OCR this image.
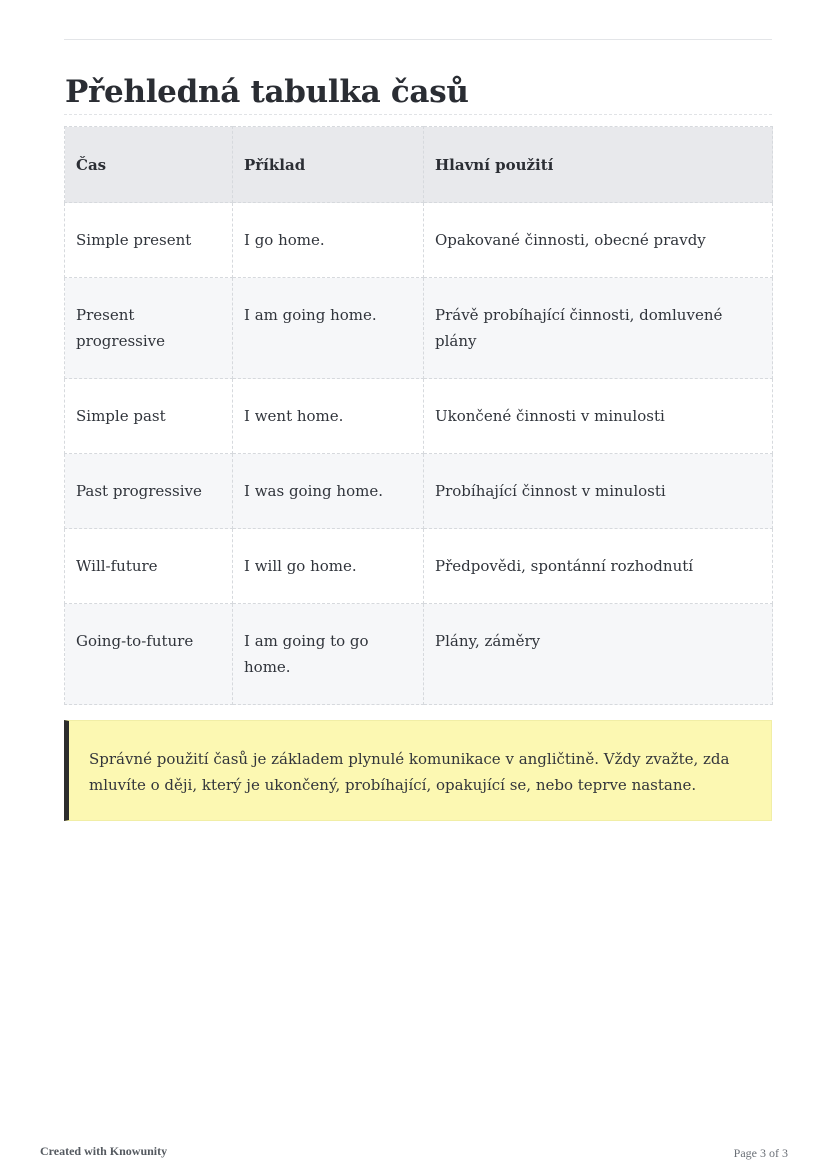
Přehledná tabulka časů
Čas	Příklad	Hlavní použití
Simple present	I go home.	Opakované činnosti, obecné pravdy
Present progressive	I am going home.	Právě probíhající činnosti, domluvené plány
Simple past	I went home.	Ukončené činnosti v minulosti
Past progressive	I was going home.	Probíhající činnost v minulosti
Will-future	I will go home.	Předpovědi, spontánní rozhodnutí
Going-to-future	I am going to go home.	Plány, záměry
Správné použití časů je základem plynulé komunikace v angličtině. Vždy zvažte, zda mluvíte o ději, který je ukončený, probíhající, opakující se, nebo teprve nastane.
Created with Knowunity	Page 3 of 3
